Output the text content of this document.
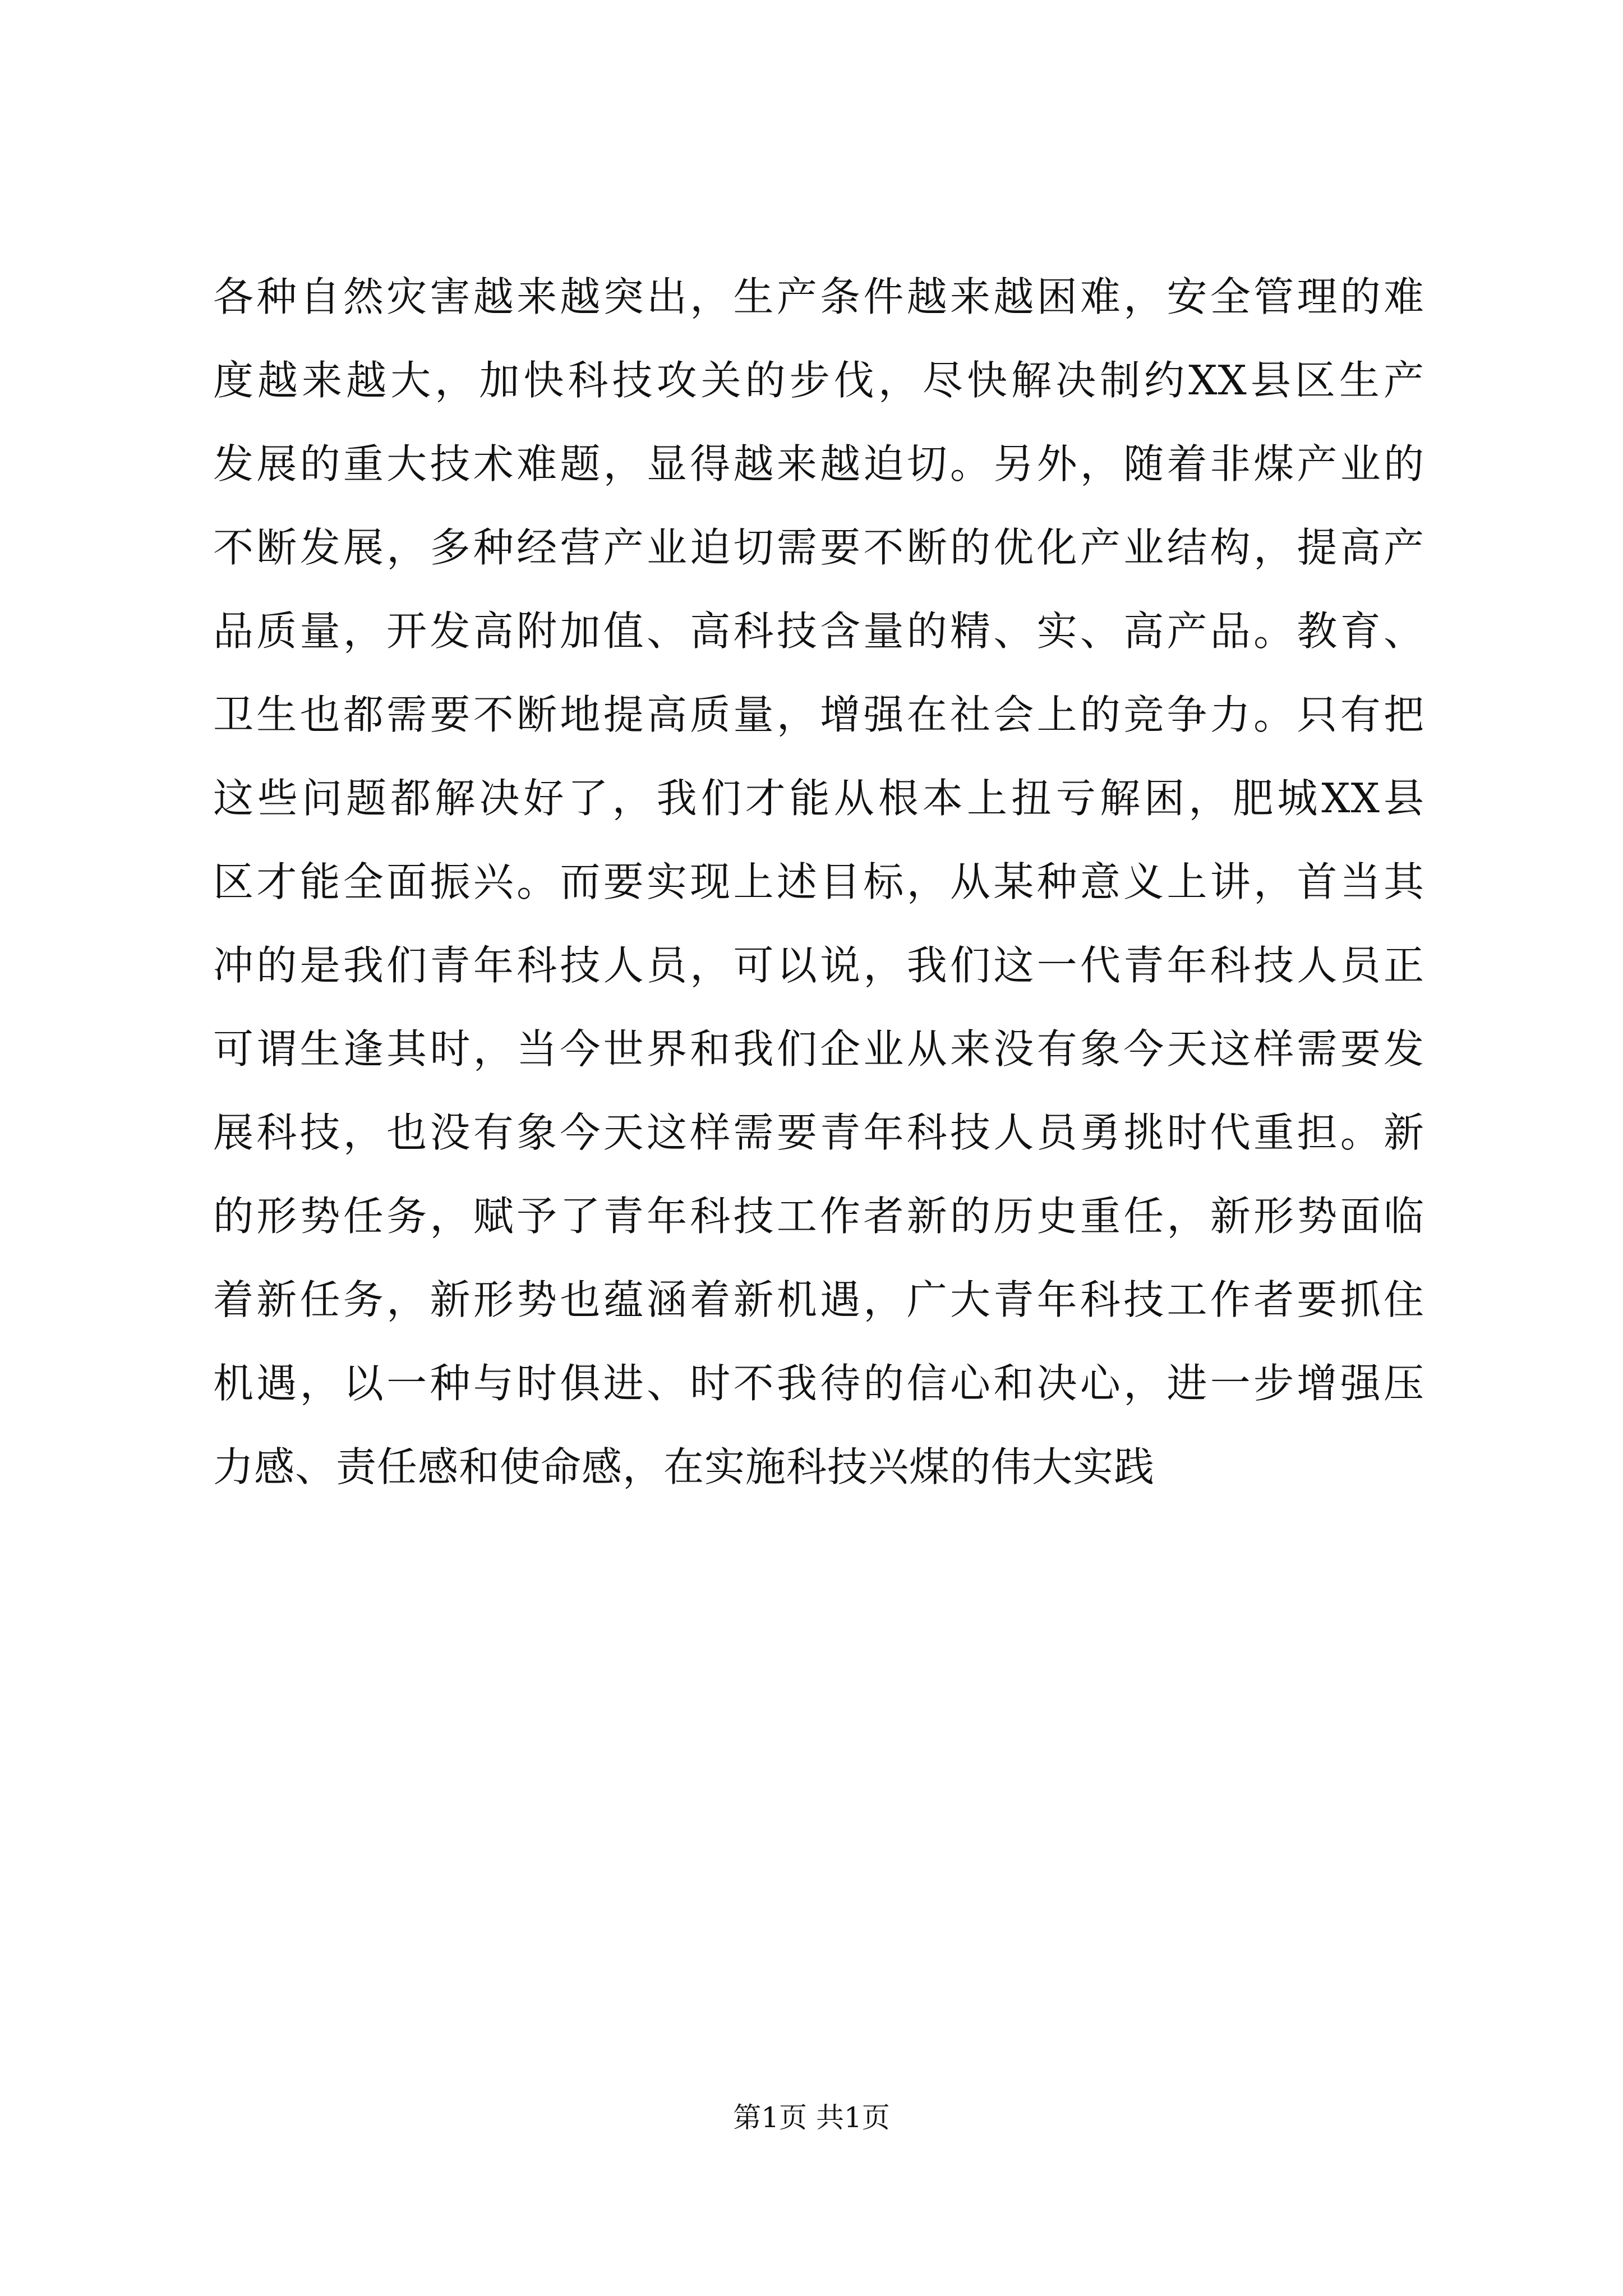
各种自然灾害越来越突出，生产条件越来越困难，安全管理的难
度越来越大，加快科技攻关的步伐，尽快解决制约XX县区生产
发展的重大技术难题，显得越来越迫切。另外，随着非煤产业的
不断发展，多种经营产业迫切需要不断的优化产业结构，提高产
品质量，开发高附加值、高科技含量的精、实、高产品。教育、
卫生也都需要不断地提高质量，增强在社会上的竞争力。只有把
这些问题都解决好了，我们才能从根本上扭亏解困，肥城XX县
区才能全面振兴。而要实现上述目标，从某种意义上讲，首当其
冲的是我们青年科技人员，可以说，我们这一代青年科技人员正
可谓生逢其时，当今世界和我们企业从来没有象今天这样需要发
展科技，也没有象今天这样需要青年科技人员勇挑时代重担。新
的形势任务，赋予了青年科技工作者新的历史重任，新形势面临
着新任务，新形势也蕴涵着新机遇，广大青年科技工作者要抓住
机遇，以一种与时俱进、时不我待的信心和决心，进一步增强压
力感、责任感和使命感，在实施科技兴煤的伟大实践
第1页 共1页
